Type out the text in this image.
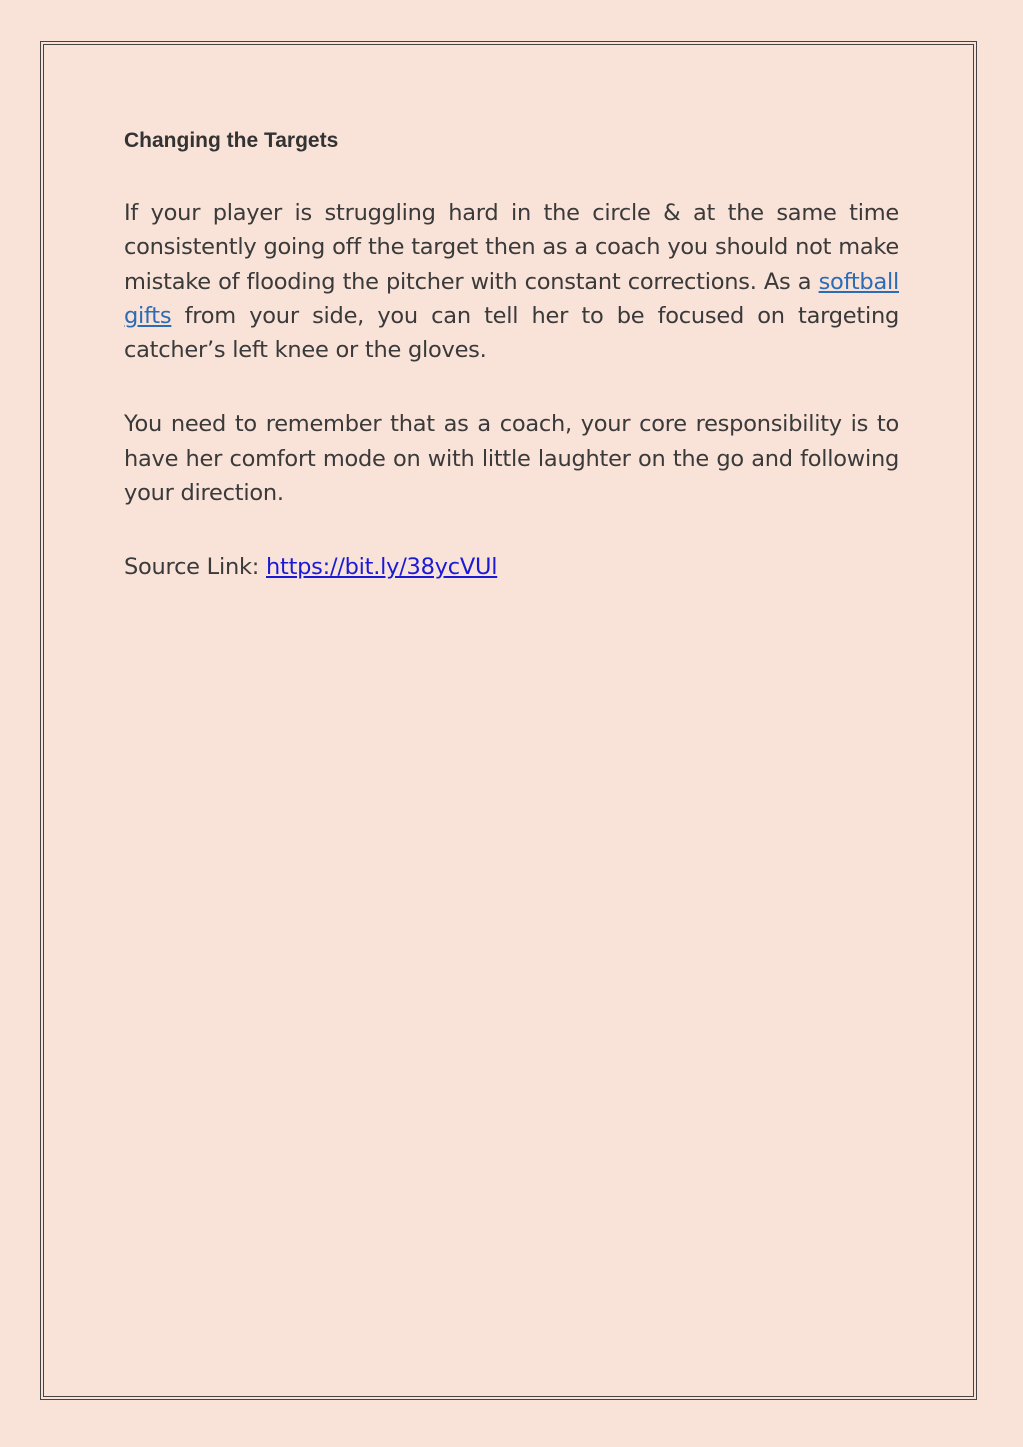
Changing the Targets

If your player is struggling hard in the circle & at the same time consistently going off the target then as a coach you should not make mistake of flooding the pitcher with constant corrections. As a softball gifts from your side, you can tell her to be focused on targeting catcher’s left knee or the gloves.

You need to remember that as a coach, your core responsibility is to have her comfort mode on with little laughter on the go and following your direction.

Source Link: https://bit.ly/38ycVUl
